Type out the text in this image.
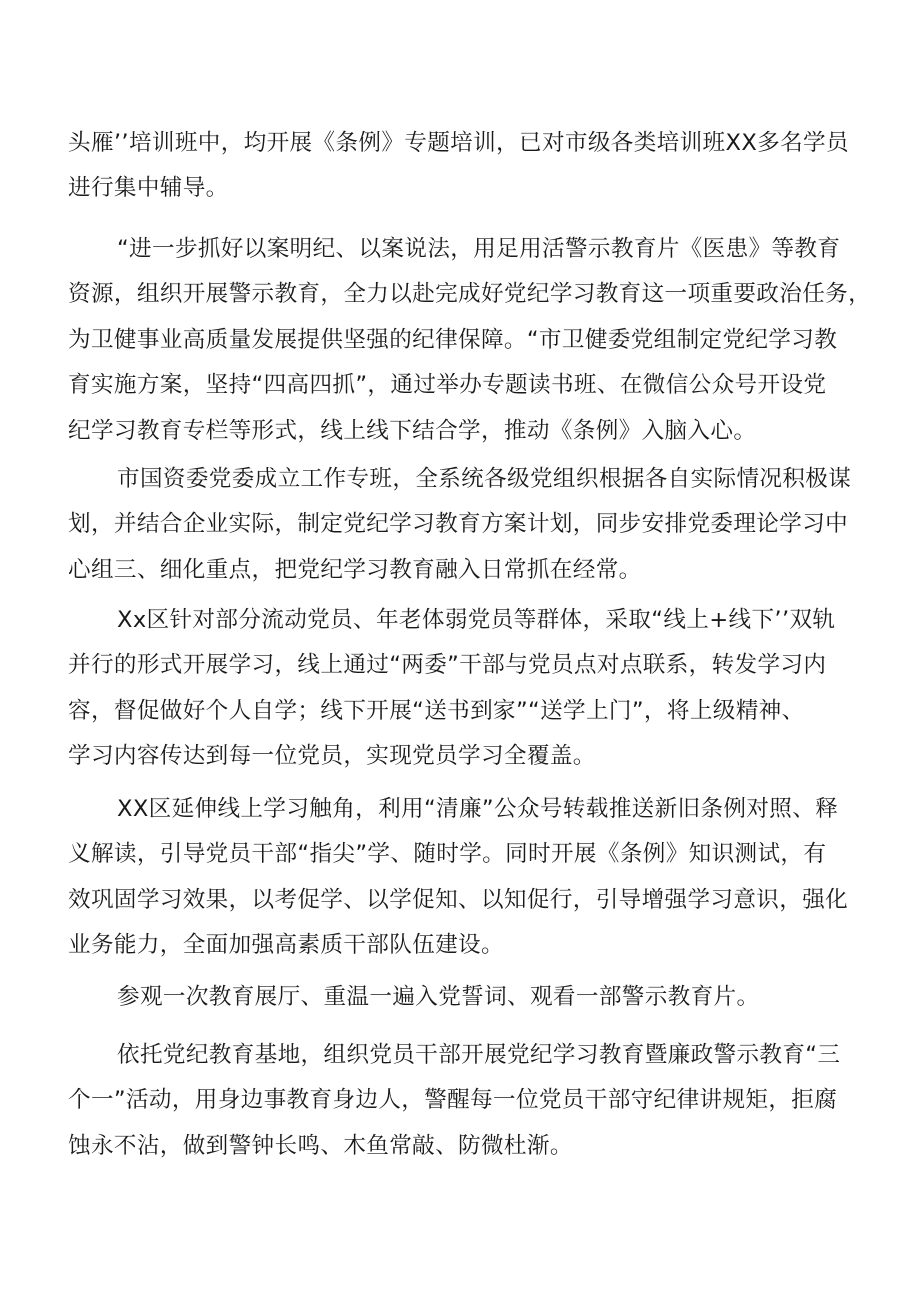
头雁’’培训班中，均开展《条例》专题培训，已对市级各类培训班XX多名学员
进行集中辅导。

“进一步抓好以案明纪、以案说法，用足用活警示教育片《医患》等教育
资源，组织开展警示教育，全力以赴完成好党纪学习教育这一项重要政治任务，
为卫健事业高质量发展提供坚强的纪律保障。“市卫健委党组制定党纪学习教
育实施方案，坚持“四高四抓”，通过举办专题读书班、在微信公众号开设党
纪学习教育专栏等形式，线上线下结合学，推动《条例》入脑入心。

市国资委党委成立工作专班，全系统各级党组织根据各自实际情况积极谋
划，并结合企业实际，制定党纪学习教育方案计划，同步安排党委理论学习中
心组三、细化重点，把党纪学习教育融入日常抓在经常。

Xx区针对部分流动党员、年老体弱党员等群体，采取“线上+线下’’双轨
并行的形式开展学习，线上通过“两委”干部与党员点对点联系，转发学习内
容，督促做好个人自学；线下开展“送书到家”“送学上门”，将上级精神、
学习内容传达到每一位党员，实现党员学习全覆盖。

XX区延伸线上学习触角，利用“清廉”公众号转载推送新旧条例对照、释
义解读，引导党员干部“指尖”学、随时学。同时开展《条例》知识测试，有
效巩固学习效果，以考促学、以学促知、以知促行，引导增强学习意识，强化
业务能力，全面加强高素质干部队伍建设。

参观一次教育展厅、重温一遍入党誓词、观看一部警示教育片。

依托党纪教育基地，组织党员干部开展党纪学习教育暨廉政警示教育“三
个一”活动，用身边事教育身边人，警醒每一位党员干部守纪律讲规矩，拒腐
蚀永不沾，做到警钟长鸣、木鱼常敲、防微杜渐。
